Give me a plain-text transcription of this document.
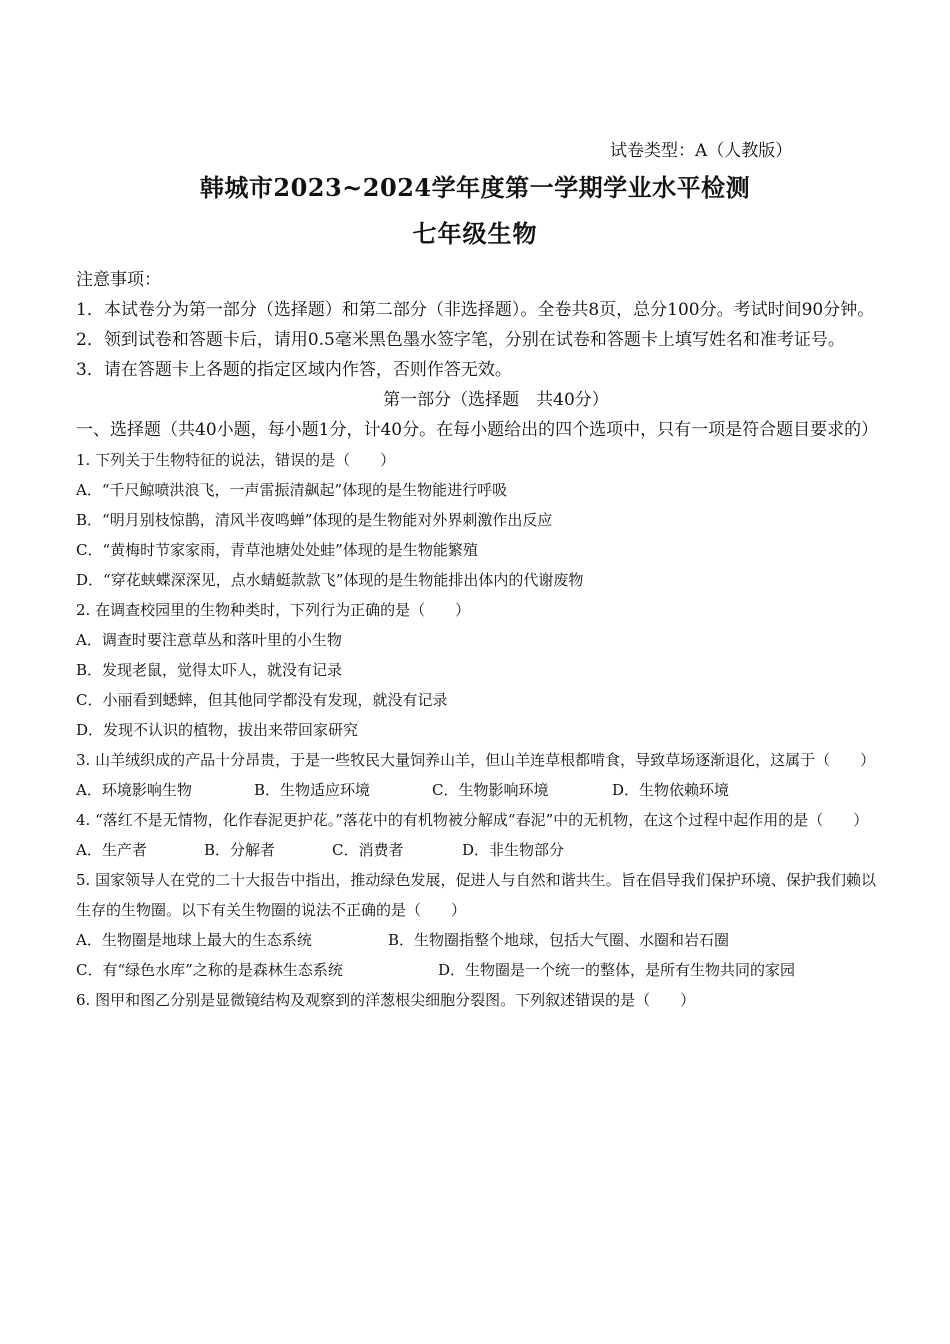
试卷类型：A（人教版）
韩城市2023~2024学年度第一学期学业水平检测
七年级生物
注意事项：
1．本试卷分为第一部分（选择题）和第二部分（非选择题）。全卷共8页，总分100分。考试时间90分钟。
2．领到试卷和答题卡后，请用0.5毫米黑色墨水签字笔，分别在试卷和答题卡上填写姓名和准考证号。
3．请在答题卡上各题的指定区域内作答，否则作答无效。
第一部分（选择题　共40分）
一、选择题（共40小题，每小题1分，计40分。在每小题给出的四个选项中，只有一项是符合题目要求的）
1. 下列关于生物特征的说法，错误的是（　　）
A．“千尺鲸喷洪浪飞，一声雷振清飙起”体现的是生物能进行呼吸
B．“明月别枝惊鹊，清风半夜鸣蝉”体现的是生物能对外界刺激作出反应
C．“黄梅时节家家雨，青草池塘处处蛙”体现的是生物能繁殖
D．“穿花蛱蝶深深见，点水蜻蜓款款飞”体现的是生物能排出体内的代谢废物
2. 在调查校园里的生物种类时，下列行为正确的是（　　）
A．调查时要注意草丛和落叶里的小生物
B．发现老鼠，觉得太吓人，就没有记录
C．小丽看到蟋蟀，但其他同学都没有发现，就没有记录
D．发现不认识的植物，拔出来带回家研究
3. 山羊绒织成的产品十分昂贵，于是一些牧民大量饲养山羊，但山羊连草根都啃食，导致草场逐渐退化，这属于（　　）
A．环境影响生物	B．生物适应环境	C．生物影响环境	D．生物依赖环境
4. “落红不是无情物，化作春泥更护花。”落花中的有机物被分解成“春泥”中的无机物，在这个过程中起作用的是（　　）
A．生产者	B．分解者	C．消费者	D．非生物部分
5. 国家领导人在党的二十大报告中指出，推动绿色发展，促进人与自然和谐共生。旨在倡导我们保护环境、保护我们赖以生存的生物圈。以下有关生物圈的说法不正确的是（　　）
A．生物圈是地球上最大的生态系统	B．生物圈指整个地球，包括大气圈、水圈和岩石圈
C．有“绿色水库”之称的是森林生态系统	D．生物圈是一个统一的整体，是所有生物共同的家园
6. 图甲和图乙分别是显微镜结构及观察到的洋葱根尖细胞分裂图。下列叙述错误的是（　　）
